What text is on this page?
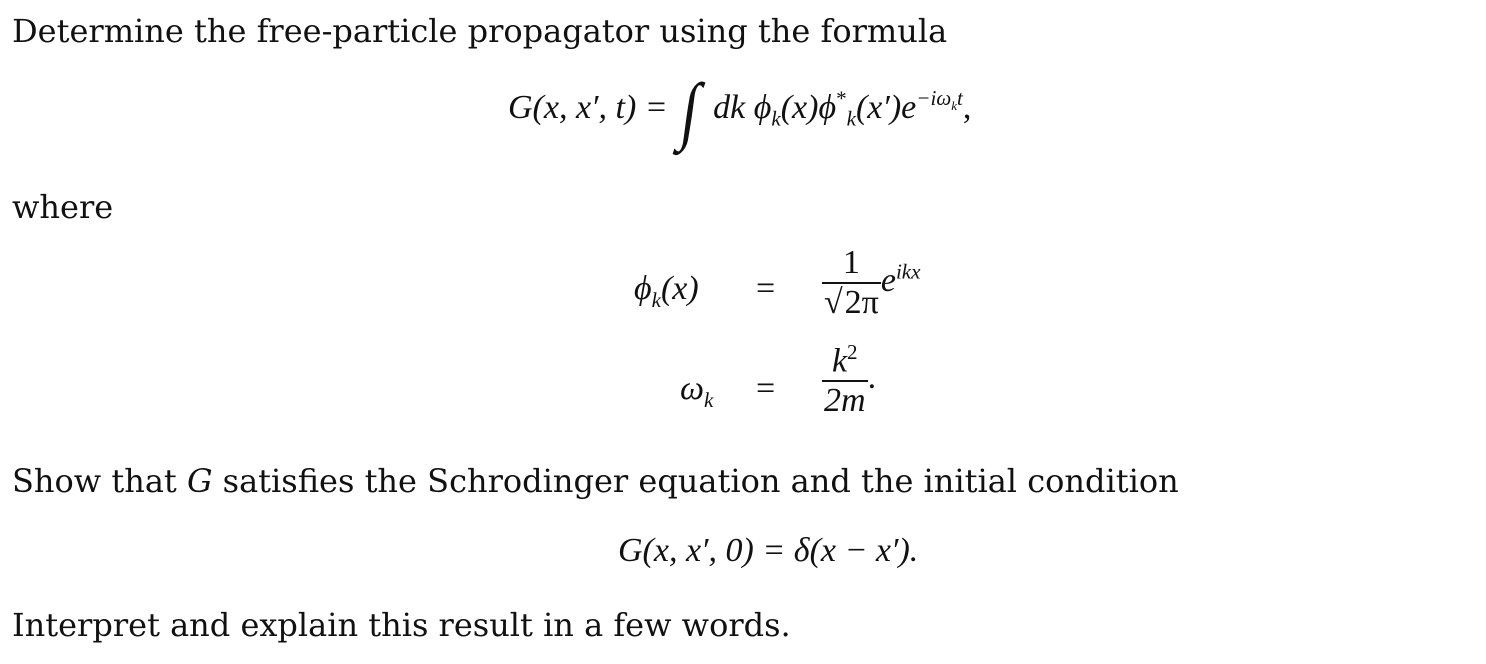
Determine the free-particle propagator using the formula
G(x, x′, t) = ∫ dk $\phi_k(x)\phi^*_k(x')e^{-i\omega_kt}$,
where
$\phi_k(x) = \frac{1}{√2\pi} e^{ikx}$
$\omega_k = \frac{k^2}{2m}$ .
Show that G satisfies the Schrodinger equation and the initial condition
G(x, x′, 0) = δ(x − x′).
Interpret and explain this result in a few words.
